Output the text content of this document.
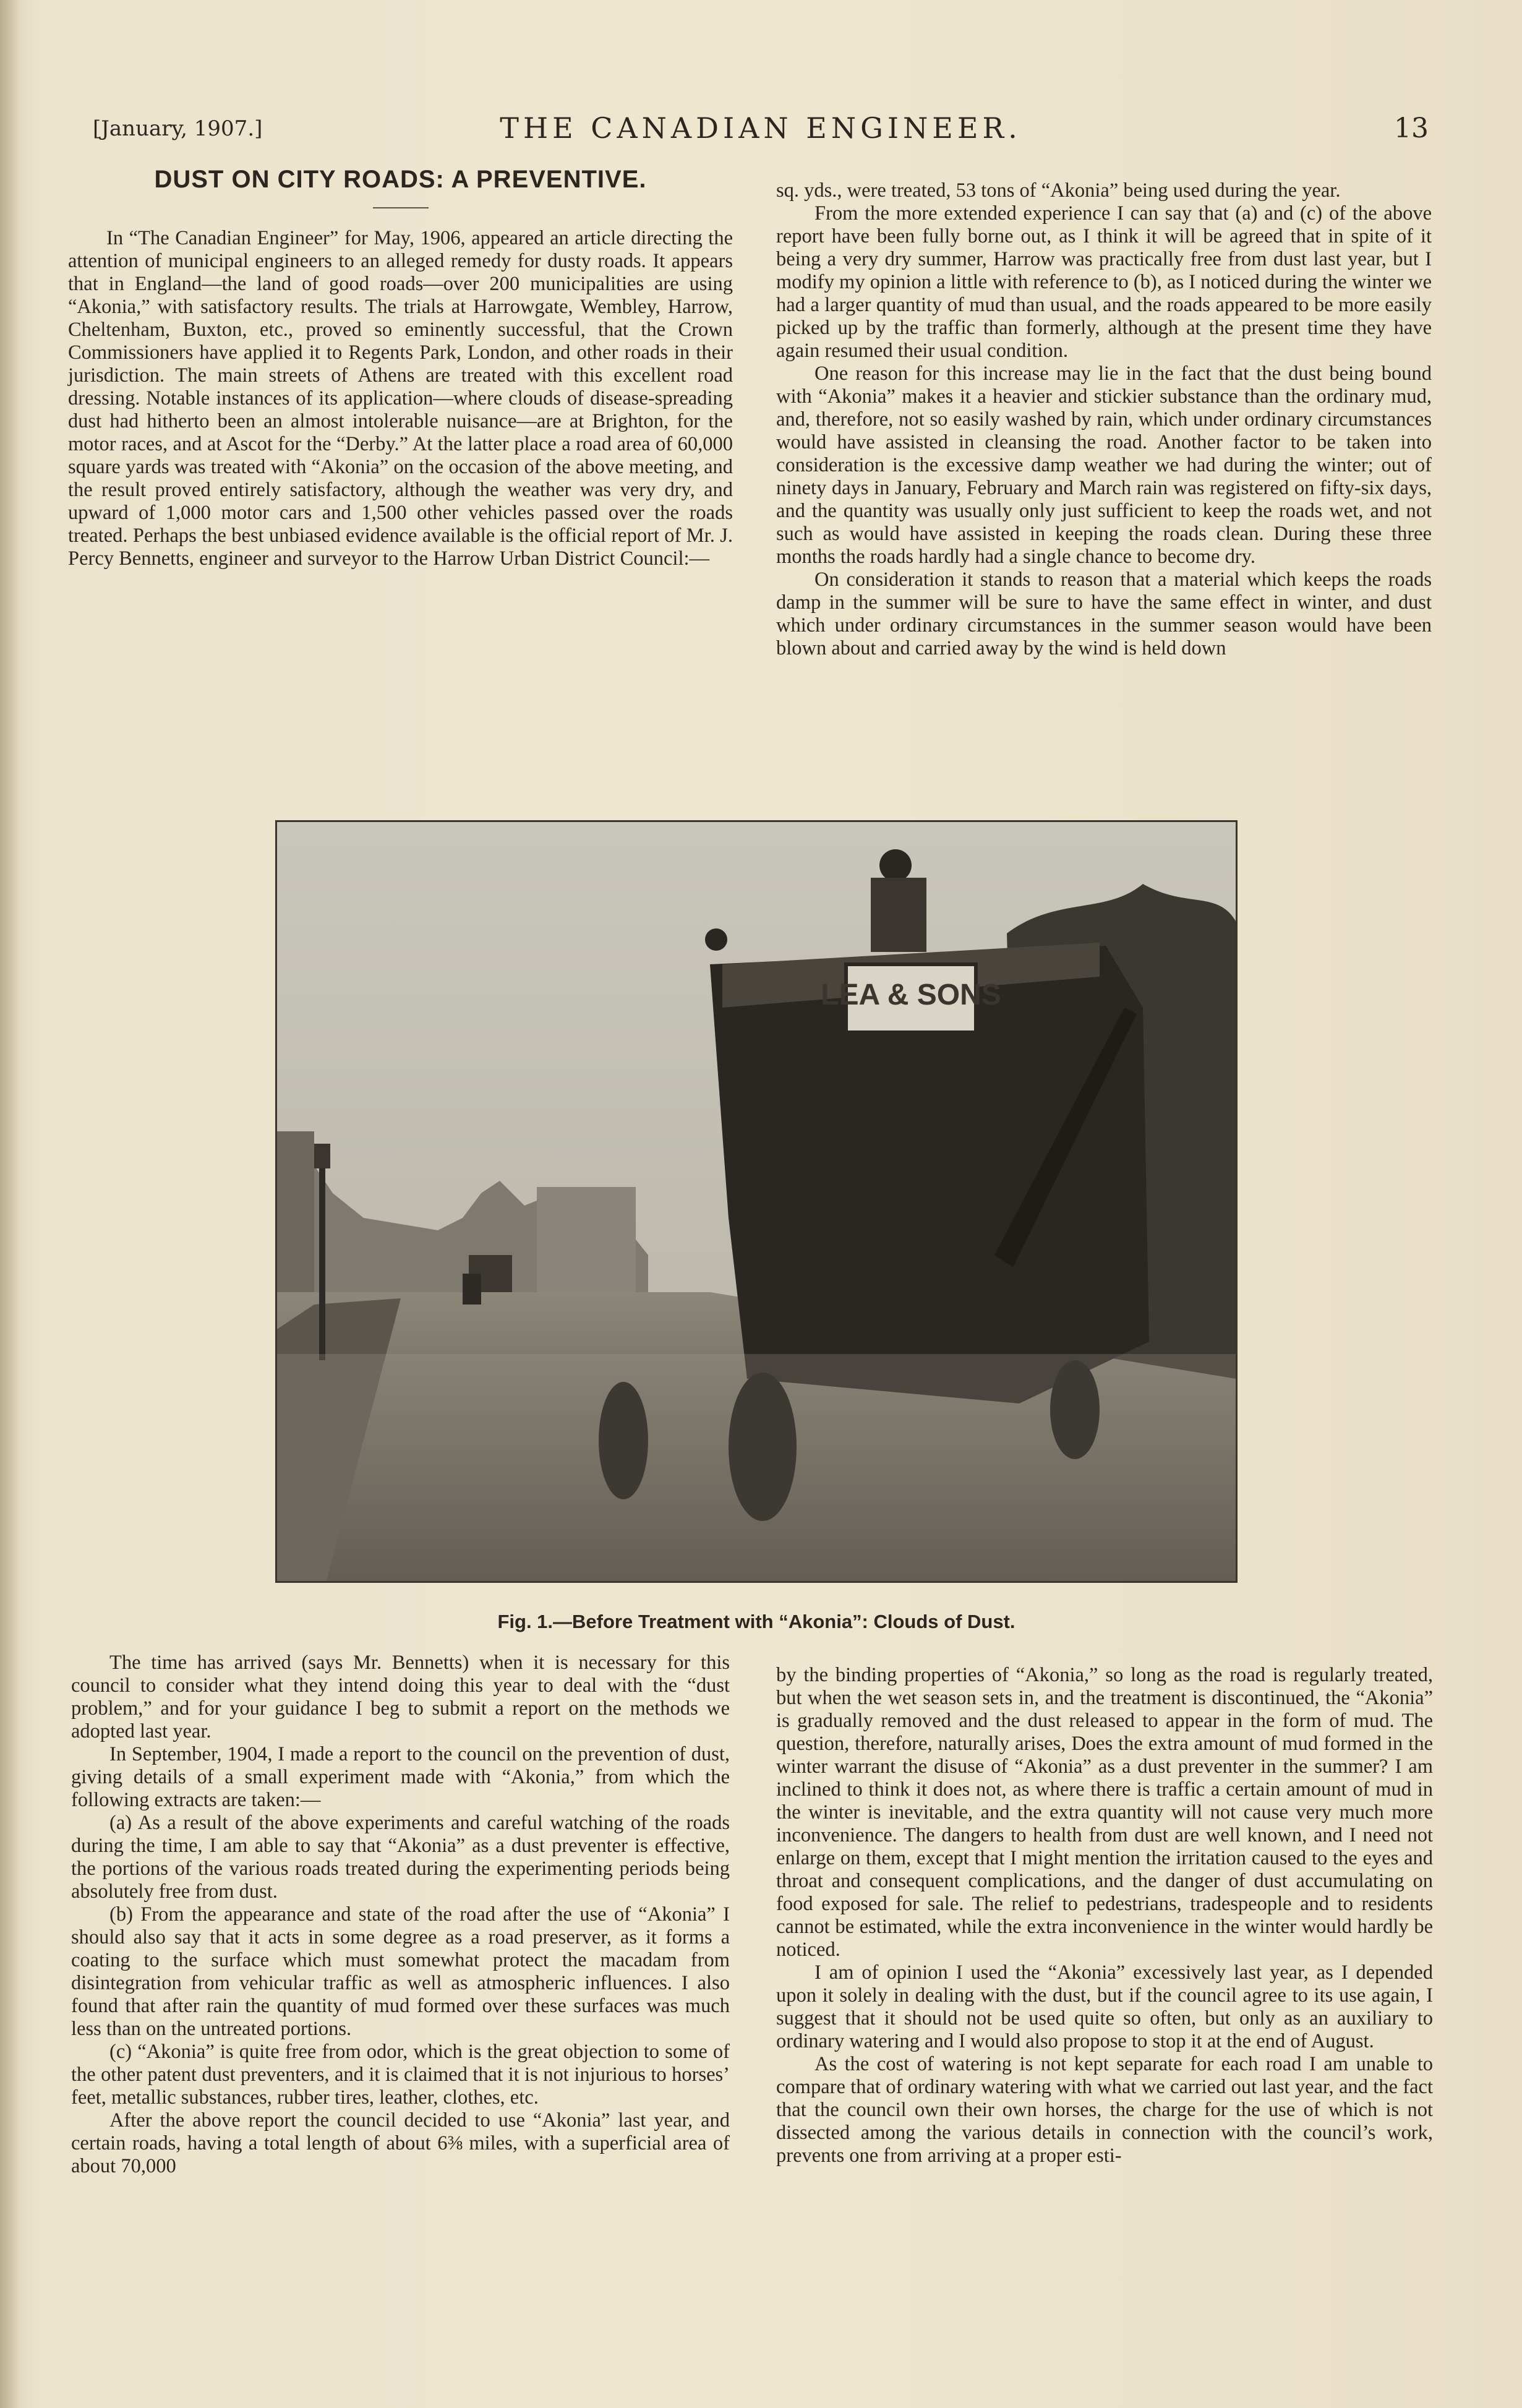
[January, 1907.]	THE CANADIAN ENGINEER.	13
DUST ON CITY ROADS: A PREVENTIVE.

In “The Canadian Engineer” for May, 1906, appeared an article directing the attention of municipal engineers to an alleged remedy for dusty roads. It appears that in England—the land of good roads—over 200 municipalities are using “Akonia,” with satisfactory results. The trials at Harrowgate, Wembley, Harrow, Cheltenham, Buxton, etc., proved so eminently successful, that the Crown Commissioners have applied it to Regents Park, London, and other roads in their jurisdiction. The main streets of Athens are treated with this excellent road dressing. Notable instances of its application—where clouds of disease-spreading dust had hitherto been an almost intolerable nuisance—are at Brighton, for the motor races, and at Ascot for the “Derby.” At the latter place a road area of 60,000 square yards was treated with “Akonia” on the occasion of the above meeting, and the result proved entirely satisfactory, although the weather was very dry, and upward of 1,000 motor cars and 1,500 other vehicles passed over the roads treated. Perhaps the best unbiased evidence available is the official report of Mr. J. Percy Bennetts, engineer and surveyor to the Harrow Urban District Council:—

sq. yds., were treated, 53 tons of “Akonia” being used during the year.

From the more extended experience I can say that (a) and (c) of the above report have been fully borne out, as I think it will be agreed that in spite of it being a very dry summer, Harrow was practically free from dust last year, but I modify my opinion a little with reference to (b), as I noticed during the winter we had a larger quantity of mud than usual, and the roads appeared to be more easily picked up by the traffic than formerly, although at the present time they have again resumed their usual condition.

One reason for this increase may lie in the fact that the dust being bound with “Akonia” makes it a heavier and stickier substance than the ordinary mud, and, therefore, not so easily washed by rain, which under ordinary circumstances would have assisted in cleansing the road. Another factor to be taken into consideration is the excessive damp weather we had during the winter; out of ninety days in January, February and March rain was registered on fifty-six days, and the quantity was usually only just sufficient to keep the roads wet, and not such as would have assisted in keeping the roads clean. During these three months the roads hardly had a single chance to become dry.

On consideration it stands to reason that a material which keeps the roads damp in the summer will be sure to have the same effect in winter, and dust which under ordinary circumstances in the summer season would have been blown about and carried away by the wind is held down

LEA & SONS
Fig. 1.—Before Treatment with “Akonia”: Clouds of Dust.

The time has arrived (says Mr. Bennetts) when it is necessary for this council to consider what they intend doing this year to deal with the “dust problem,” and for your guidance I beg to submit a report on the methods we adopted last year.

In September, 1904, I made a report to the council on the prevention of dust, giving details of a small experiment made with “Akonia,” from which the following extracts are taken:—

(a) As a result of the above experiments and careful watching of the roads during the time, I am able to say that “Akonia” as a dust preventer is effective, the portions of the various roads treated during the experimenting periods being absolutely free from dust.

(b) From the appearance and state of the road after the use of “Akonia” I should also say that it acts in some degree as a road preserver, as it forms a coating to the surface which must somewhat protect the macadam from disintegration from vehicular traffic as well as atmospheric influences. I also found that after rain the quantity of mud formed over these surfaces was much less than on the untreated portions.

(c) “Akonia” is quite free from odor, which is the great objection to some of the other patent dust preventers, and it is claimed that it is not injurious to horses’ feet, metallic substances, rubber tires, leather, clothes, etc.

After the above report the council decided to use “Akonia” last year, and certain roads, having a total length of about 6⅜ miles, with a superficial area of about 70,000

by the binding properties of “Akonia,” so long as the road is regularly treated, but when the wet season sets in, and the treatment is discontinued, the “Akonia” is gradually removed and the dust released to appear in the form of mud. The question, therefore, naturally arises, Does the extra amount of mud formed in the winter warrant the disuse of “Akonia” as a dust preventer in the summer? I am inclined to think it does not, as where there is traffic a certain amount of mud in the winter is inevitable, and the extra quantity will not cause very much more inconvenience. The dangers to health from dust are well known, and I need not enlarge on them, except that I might mention the irritation caused to the eyes and throat and consequent complications, and the danger of dust accumulating on food exposed for sale. The relief to pedestrians, tradespeople and to residents cannot be estimated, while the extra inconvenience in the winter would hardly be noticed.

I am of opinion I used the “Akonia” excessively last year, as I depended upon it solely in dealing with the dust, but if the council agree to its use again, I suggest that it should not be used quite so often, but only as an auxiliary to ordinary watering and I would also propose to stop it at the end of August.

As the cost of watering is not kept separate for each road I am unable to compare that of ordinary watering with what we carried out last year, and the fact that the council own their own horses, the charge for the use of which is not dissected among the various details in connection with the council’s work, prevents one from arriving at a proper esti-
